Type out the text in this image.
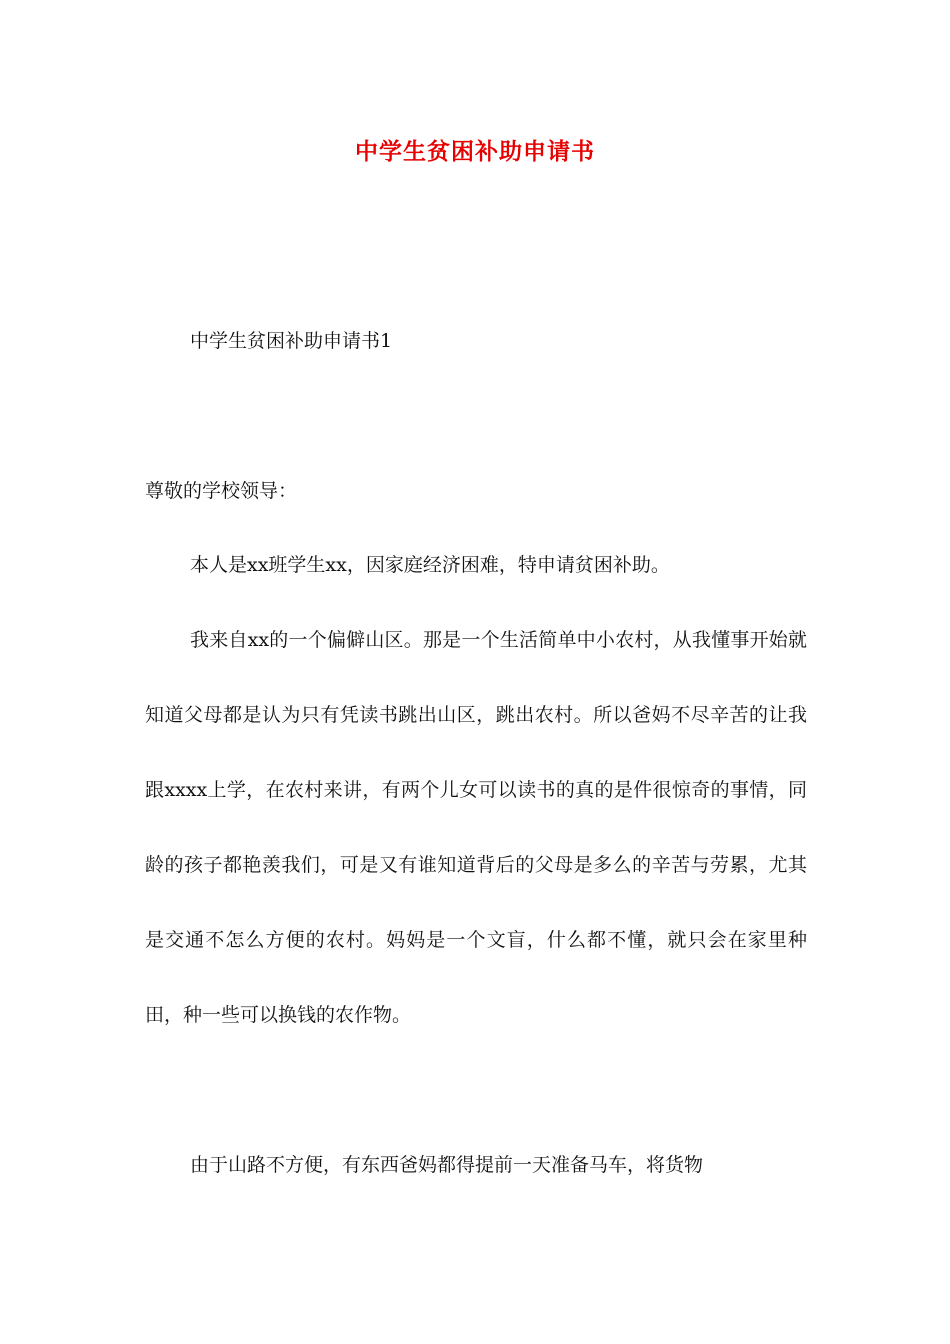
中学生贫困补助申请书
中学生贫困补助申请书1
尊敬的学校领导：

本人是xx班学生xx，因家庭经济困难，特申请贫困补助。

我来自xx的一个偏僻山区。那是一个生活简单中小农村，从我懂事开始就知道父母都是认为只有凭读书跳出山区，跳出农村。所以爸妈不尽辛苦的让我跟xxxx上学，在农村来讲，有两个儿女可以读书的真的是件很惊奇的事情，同龄的孩子都艳羡我们，可是又有谁知道背后的父母是多么的辛苦与劳累，尤其是交通不怎么方便的农村。妈妈是一个文盲，什么都不懂，就只会在家里种田，种一些可以换钱的农作物。

由于山路不方便，有东西爸妈都得提前一天准备马车，将货物
